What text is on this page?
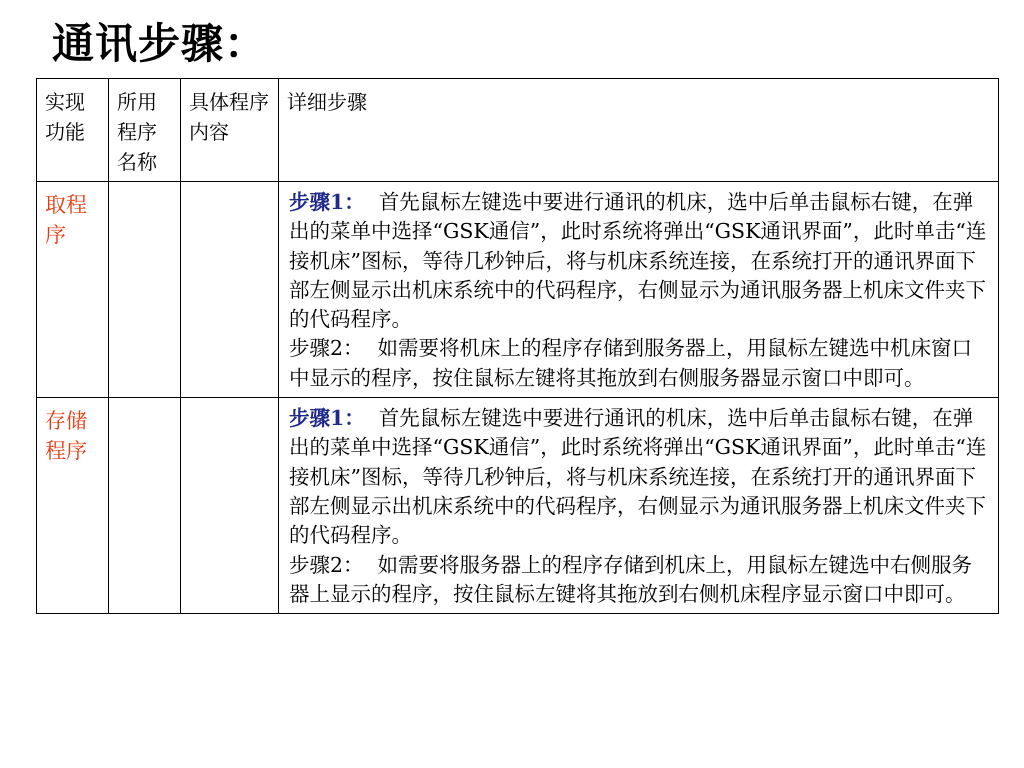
通讯步骤：
实现功能	所用程序名称	具体程序内容	详细步骤
取程序			步骤1： 首先鼠标左键选中要进行通讯的机床，选中后单击鼠标右键，在弹出的菜单中选择“GSK通信”，此时系统将弹出“GSK通讯界面”，此时单击“连接机床”图标，等待几秒钟后，将与机床系统连接，在系统打开的通讯界面下部左侧显示出机床系统中的代码程序，右侧显示为通讯服务器上机床文件夹下的代码程序。
步骤2： 如需要将机床上的程序存储到服务器上，用鼠标左键选中机床窗口中显示的程序，按住鼠标左键将其拖放到右侧服务器显示窗口中即可。
存储程序			步骤1： 首先鼠标左键选中要进行通讯的机床，选中后单击鼠标右键，在弹出的菜单中选择“GSK通信”，此时系统将弹出“GSK通讯界面”，此时单击“连接机床”图标，等待几秒钟后，将与机床系统连接，在系统打开的通讯界面下部左侧显示出机床系统中的代码程序，右侧显示为通讯服务器上机床文件夹下的代码程序。
步骤2： 如需要将服务器上的程序存储到机床上，用鼠标左键选中右侧服务器上显示的程序，按住鼠标左键将其拖放到右侧机床程序显示窗口中即可。
